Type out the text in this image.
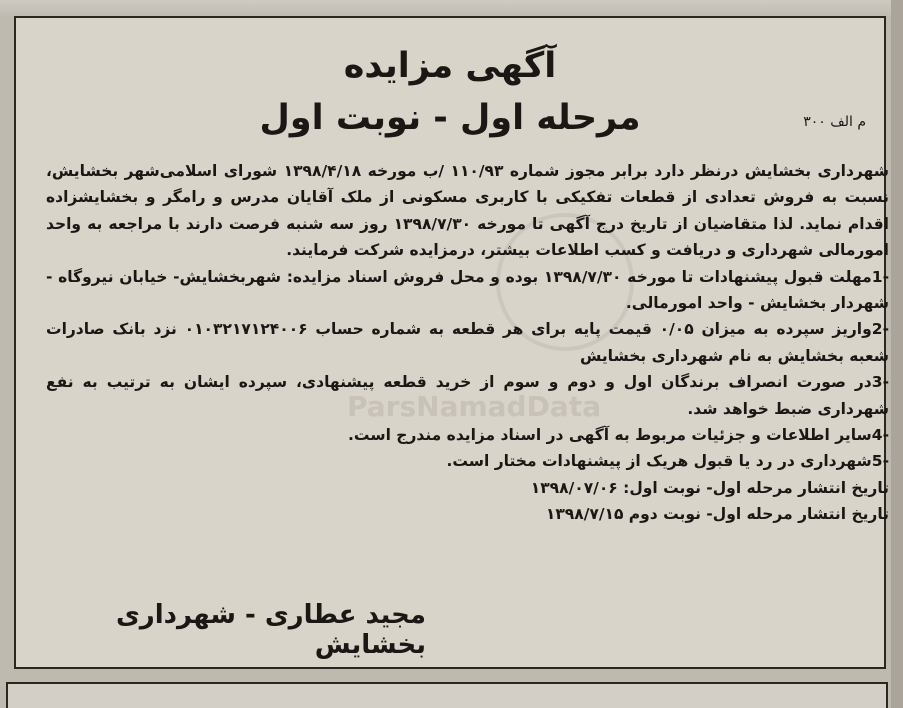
آگهی مزایده
مرحله اول - نوبت اول	م الف ۳۰۰

شهرداری بخشایش درنظر دارد برابر مجوز شماره ۱۱۰/۹۳ /ب مورخه ۱۳۹۸/۴/۱۸ شورای اسلامی‌شهر بخشایش، نسبت به فروش تعدادی از قطعات تفکیکی با کاربری مسکونی از ملک آقایان مدرس و رامگر و بخشایشزاده اقدام نماید. لذا متقاضیان از تاریخ درج آگهی تا مورخه ۱۳۹۸/۷/۳۰ روز سه شنبه فرصت دارند با مراجعه به واحد امورمالی شهرداری و دریافت و کسب اطلاعات بیشتر، درمزایده شرکت فرمایند.

-1مهلت قبول پیشنهادات تا مورخه ۱۳۹۸/۷/۳۰ بوده و محل فروش اسناد مزایده: شهربخشایش- خیابان نیروگاه - شهردار بخشایش - واحد امورمالی.

-2واریز سپرده به میزان ۰/۰۵ قیمت پایه برای هر قطعه به شماره حساب ۰۱۰۳۲۱۷۱۲۴۰۰۶ نزد بانک صادرات شعبه بخشایش به نام شهرداری بخشایش

-3در صورت انصراف برندگان اول و دوم و سوم از خرید قطعه پیشنهادی، سپرده ایشان به ترتیب به نفع شهرداری ضبط خواهد شد.

-4سایر اطلاعات و جزئیات مربوط به آگهی در اسناد مزایده مندرج است.

-5شهرداری در رد یا قبول هریک از پیشنهادات مختار است.

تاریخ انتشار مرحله اول- نوبت اول: ۱۳۹۸/۰۷/۰۶

تاریخ انتشار مرحله اول- نوبت دوم ۱۳۹۸/۷/۱۵

ParsNamadData
مجید عطاری - شهرداری بخشایش
